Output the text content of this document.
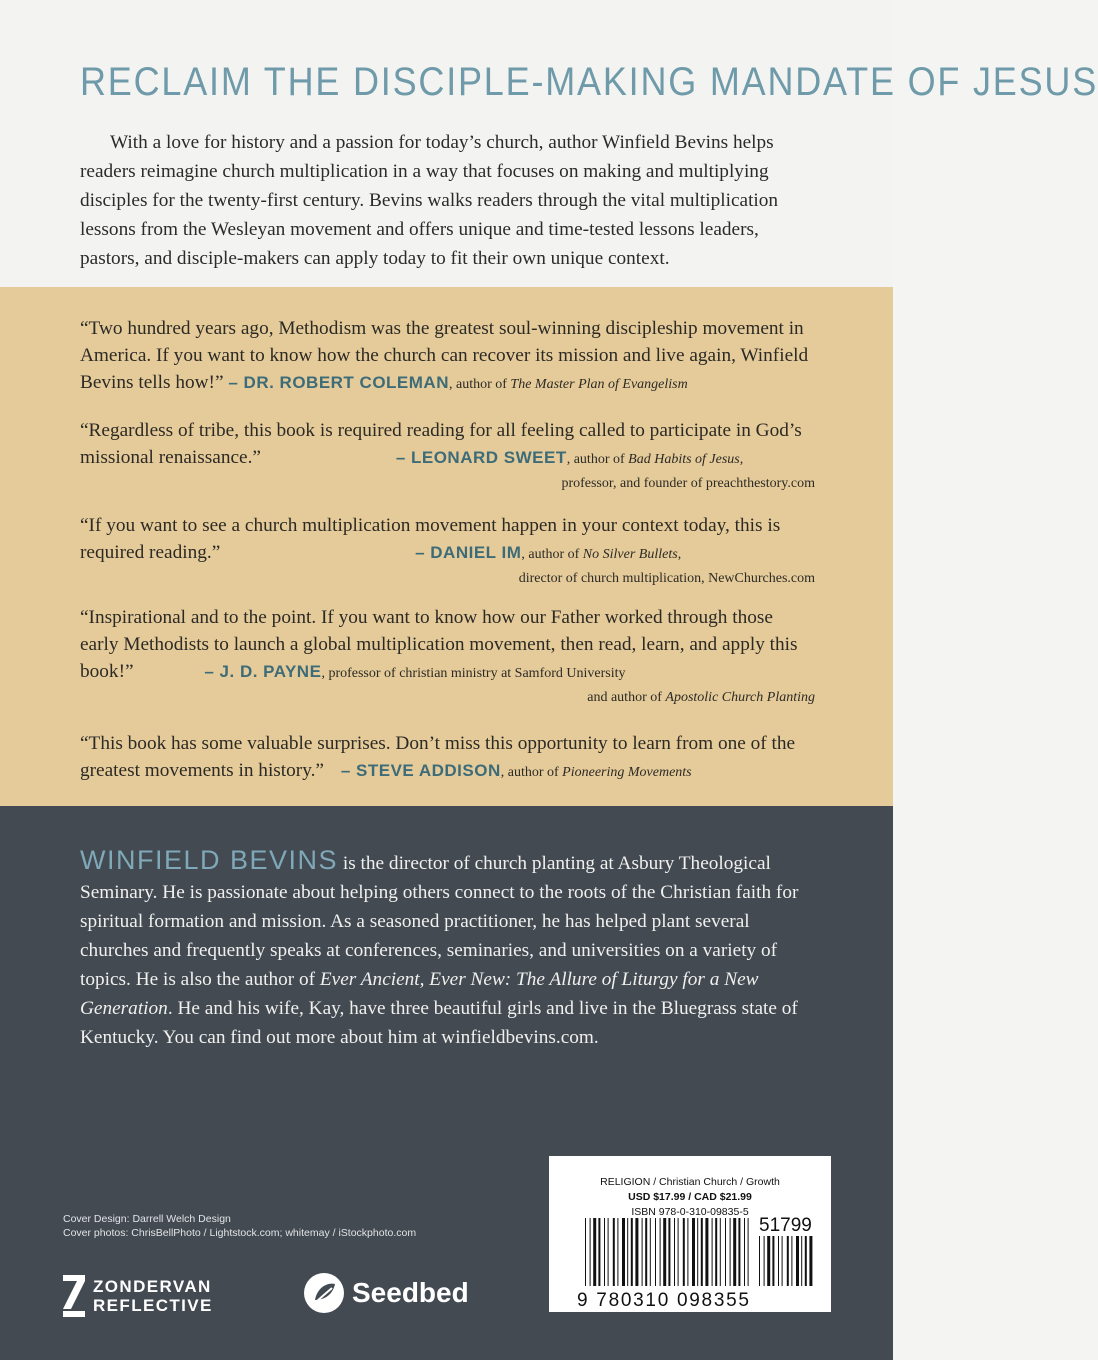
RECLAIM THE DISCIPLE-MAKING MANDATE OF JESUS

With a love for history and a passion for today’s church, author Winfield Bevins helps readers reimagine church multiplication in a way that focuses on making and multiplying disciples for the twenty-first century. Bevins walks readers through the vital multiplication lessons from the Wesleyan movement and offers unique and time-tested lessons leaders, pastors, and disciple-makers can apply today to fit their own unique context.

“Two hundred years ago, Methodism was the greatest soul-winning discipleship movement in America. If you want to know how the church can recover its mission and live again, Winfield Bevins tells how!” – DR. ROBERT COLEMAN, author of The Master Plan of Evangelism

“Regardless of tribe, this book is required reading for all feeling called to participate in God’s missional renaissance.”	– LEONARD SWEET, author of Bad Habits of Jesus,
professor, and founder of preachthestory.com

“If you want to see a church multiplication movement happen in your context today, this is required reading.”	– DANIEL IM, author of No Silver Bullets,
director of church multiplication, NewChurches.com

“Inspirational and to the point. If you want to know how our Father worked through those early Methodists to launch a global multiplication movement, then read, learn, and apply this book!”	– J. D. PAYNE, professor of christian ministry at Samford University
and author of Apostolic Church Planting

“This book has some valuable surprises. Don’t miss this opportunity to learn from one of the greatest movements in history.” – STEVE ADDISON, author of Pioneering Movements

WINFIELD BEVINS is the director of church planting at Asbury Theological Seminary. He is passionate about helping others connect to the roots of the Christian faith for spiritual formation and mission. As a seasoned practitioner, he has helped plant several churches and frequently speaks at conferences, seminaries, and universities on a variety of topics. He is also the author of Ever Ancient, Ever New: The Allure of Liturgy for a New Generation. He and his wife, Kay, have three beautiful girls and live in the Bluegrass state of Kentucky. You can find out more about him at winfieldbevins.com.

Cover Design: Darrell Welch Design
Cover photos: ChrisBellPhoto / Lightstock.com; whitemay / iStockphoto.com
ZONDERVAN
REFLECTIVE	Seedbed
RELIGION / Christian Church / Growth
USD $17.99 / CAD $21.99
ISBN 978-0-310-09835-5
51799
9 780310 098355
